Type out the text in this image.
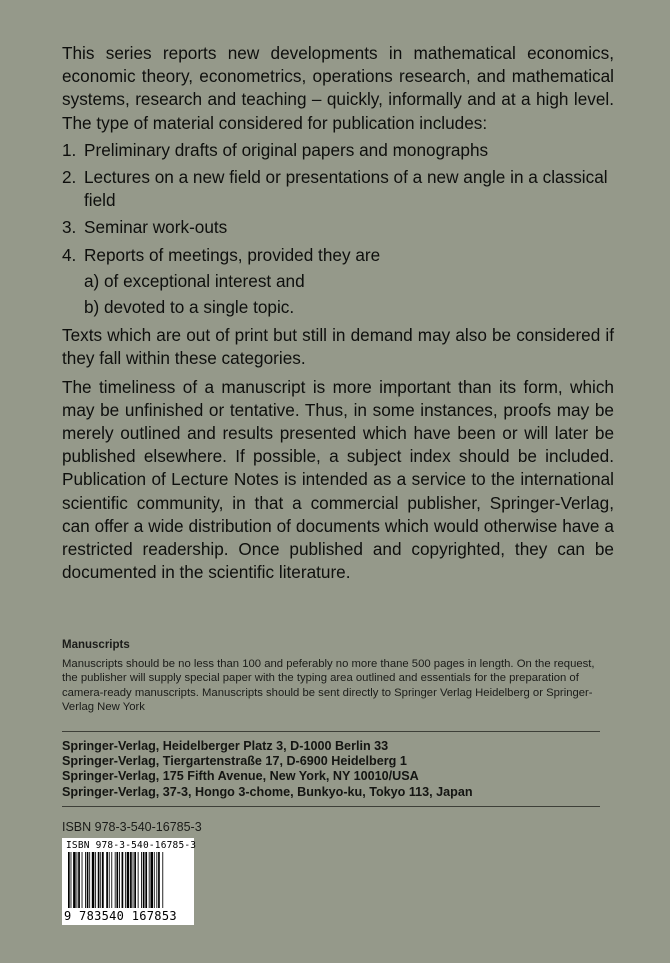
This series reports new developments in mathematical economics, economic theory, econometrics, operations research, and mathematical systems, research and teaching – quickly, informally and at a high level. The type of material considered for publication includes:

1. Preliminary drafts of original papers and monographs
2. Lectures on a new field or presentations of a new angle in a classical field
3. Seminar work-outs
4. Reports of meetings, provided they are
a) of exceptional interest and
b) devoted to a single topic.

Texts which are out of print but still in demand may also be considered if they fall within these categories.

The timeliness of a manuscript is more important than its form, which may be unfinished or tentative. Thus, in some instances, proofs may be merely outlined and results presented which have been or will later be published elsewhere. If possible, a subject index should be included. Publication of Lecture Notes is intended as a service to the international scientific community, in that a commercial publisher, Springer-Verlag, can offer a wide distribution of documents which would otherwise have a restricted readership. Once published and copyrighted, they can be documented in the scientific literature.

Manuscripts
Manuscripts should be no less than 100 and peferably no more thane 500 pages in length. On the request, the publisher will supply special paper with the typing area outlined and essentials for the preparation of camera-ready manuscripts. Manuscripts should be sent directly to Springer Verlag Heidelberg or Springer-Verlag New York
Springer-Verlag, Heidelberger Platz 3, D-1000 Berlin 33
Springer-Verlag, Tiergartenstraße 17, D-6900 Heidelberg 1
Springer-Verlag, 175 Fifth Avenue, New York, NY 10010/USA
Springer-Verlag, 37-3, Hongo 3-chome, Bunkyo-ku, Tokyo 113, Japan
ISBN 978-3-540-16785-3
ISBN 978-3-540-16785-3
9 783540 167853
